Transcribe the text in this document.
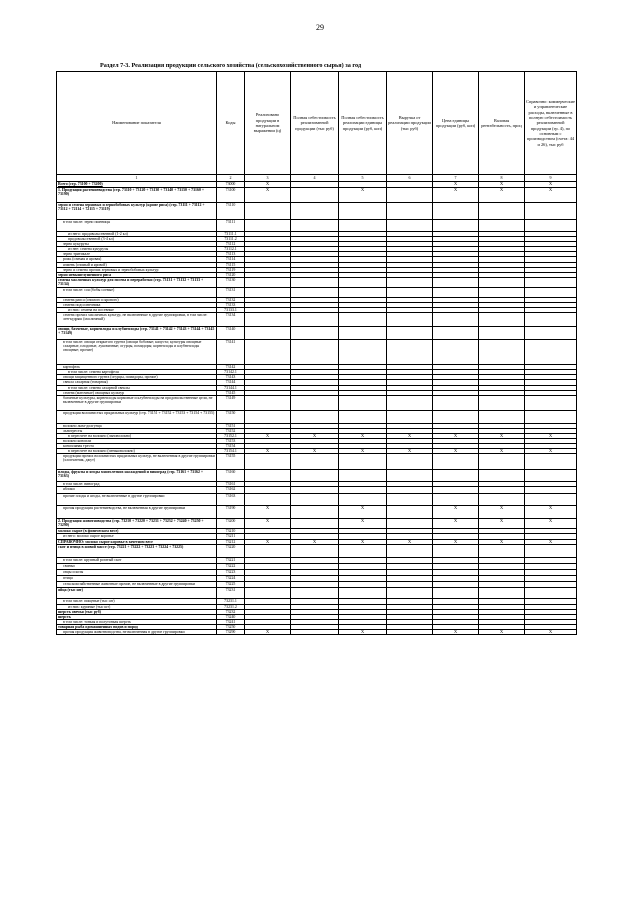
29
Раздел 7-3. Реализация продукции сельского хозяйства (сельскохозяйственного сырья) за год
Наименование показателя	Коды	Реализовано продукции в натуральном выражении (ц)	Полная себестоимость реализованной продукции (тыс руб)	Полная себестоимость реализации единицы продукции (руб, коп)	Выручка от реализации продукции (тыс руб)	Цена единицы продукции (руб, коп)	Валовая рентабельность, проц	Справочно: коммерческие и управленческие расходы, включенные в полную себестоимость реализованной продукции (гр. 4), по основным с производством (счета: 44 и 26), тыс руб
1	2	3	4	5	6	7	8	9
Всего (стр. 73100 + 73200)	73000	X				X	X	X
1. Продукция растениеводства (стр. 73110 + 73120 + 73130 + 73140 + 73150 + 73160 + 73190)	73100	X		X		X	X	X
зерно и семена зерновых и зернобобовых культур (кроме риса) (стр. 73111 + 73112 + 73112 + 72114 + 72115 + 73119)	73110							
в том числе: зерно пшеницы	73111							
из него: продовольственной (1-2 кл)	73111.1							
продовольственной (3-4 кл)	73111.2							
зерно кукурузы	73112							
из нее: семена кукурузы	73112.1							
зерно тритикале	73113							
рожь (озимая и яровая)	73114							
ячмень (озимый и яровой)	73115							
зерно и семена прочих зерновых и зернобобовых культур	73119							
зерно невышелушенного риса	73120							
семена масличных культур для посева и переработки (стр. 73131 + 73132 + 73133 + 73134)	73130							
в том числе: соя (бобы соевые)	73131							
семена рапса (озимого и ярового)	73132							
семена подсолнечника	73133							
из них: семена на посевные	73133.1							
семена прочих масличных культур, не включенные в другие группировки, в том числе: лен-кудряш (масличный)	73134							
овощи, бахчевые, корнеплоды и клубнеплоды (стр. 73141 + 73142 + 73143 + 73144 + 73145 + 73149)	73140							
в том числе: овощи открытого грунта (овощи бобовые; капуста; культуры овощные сахарные, плодовые, луковичные; огурцы, помидоры; корнеплоды и клубнеплоды овощные; прочие)	73141							
картофель	73142							
в том числе: семена картофеля	73142.1							
овощи защищенного грунта (огурцы, помидоры, прочие)	73143							
свекла сахарная (товарная)	73144							
в том числе: семена сахарной свеклы	73144.1							
семена (маточные) овощных культур	73145							
бахчевые культуры, корнеплоды кормовые и клубнеплоды на продовольственные цели, не включенные в другие группировки	73149							
продукция волокнистых прядильных культур (стр. 73151 + 73152 + 73153 + 73154 + 73155)	73150							
волокно льна-долгунца	73151							
льнотресты	73152							
в пересчете на волокно (льноволокно)	73152.1	X	X	X	X	X	X	X
волокно конопли	73153							
конопляная треста	73154							
в пересчете на волокно (пеньковолокно)	73154.1	X	X	X	X	X	X	X
продукция прочих волокнистых прядильных культур, не включенная в другие группировки (хлопчатник, джут)	73155							
плоды, фрукты и ягоды многолетних насаждений и виноград (стр. 73161 + 73162 + 73163)	73160							
в том числе: виноград	73161							
яблоки	73162							
прочие плоды и ягоды, не включенные в другие группировки	73163							
прочая продукция растениеводства, не включенная в другие группировки	73190	X		X		X	X	X
2. Продукция животноводства (стр. 73210 + 73220 + 73231 + 73232 + 73240 + 73250 + 73290)	73200	X		X		X	X	X
молоко сырое (в физическом весе)	73210							
из него: молоко сырое коровье	73211							
СПРАВОЧНО: молоко сырое коровье в зачетном весе	73212	X	X	X	X	X	X	X
скот и птица в живой массе (стр. 73221 + 73222 + 73223 + 73224 + 73225)	73220							
в том числе: крупный рогатый скот	73221							
свиньи	73222							
овцы и козы	73223							
птица	73224							
сельскохозяйственные животные прочие, не включенные в другие группировки	73225							
яйца (тыс шт)	73231							
в том числе: пищевые (тыс шт)	73231.1							
из них: куриные (тыс шт)	73231.2							
шерсть овечья (тыс руб)	73232							
шерсть	73240							
в том числе: тонкая и полутонкая шерсть	73241							
товарная рыба одомашненных видов и пород	73250							
прочая продукция животноводства, не включенная в другие группировки	73290	X		X		X	X	X
